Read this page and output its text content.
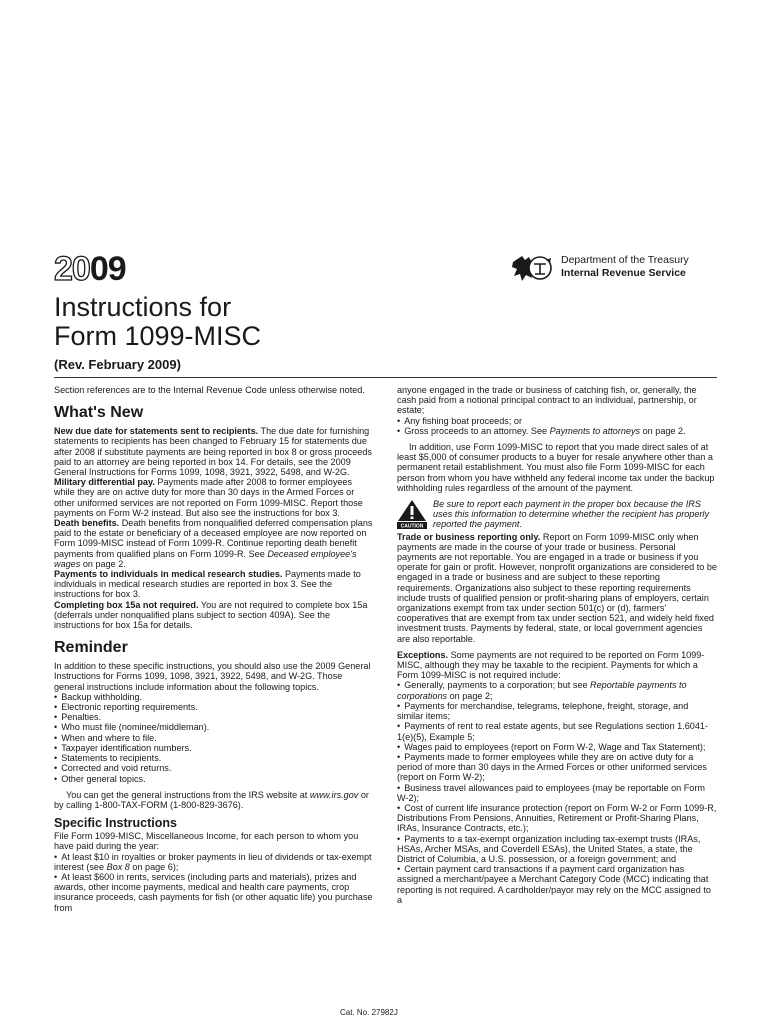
2009	Department of the Treasury
Internal Revenue Service
Instructions for
Form 1099-MISC
(Rev. February 2009)

Section references are to the Internal Revenue Code unless otherwise noted.

What's New

New due date for statements sent to recipients. The due date for furnishing statements to recipients has been changed to February 15 for statements due after 2008 if substitute payments are being reported in box 8 or gross proceeds paid to an attorney are being reported in box 14. For details, see the 2009 General Instructions for Forms 1099, 1098, 3921, 3922, 5498, and W-2G.

Military differential pay. Payments made after 2008 to former employees while they are on active duty for more than 30 days in the Armed Forces or other uniformed services are not reported on Form 1099-MISC. Report those payments on Form W-2 instead. But also see the instructions for box 3.

Death benefits. Death benefits from nonqualified deferred compensation plans paid to the estate or beneficiary of a deceased employee are now reported on Form 1099-MISC instead of Form 1099-R. Continue reporting death benefit payments from qualified plans on Form 1099-R. See Deceased employee's wages on page 2.

Payments to individuals in medical research studies. Payments made to individuals in medical research studies are reported in box 3. See the instructions for box 3.

Completing box 15a not required. You are not required to complete box 15a (deferrals under nonqualified plans subject to section 409A). See the instructions for box 15a for details.

Reminder

In addition to these specific instructions, you should also use the 2009 General Instructions for Forms 1099, 1098, 3921, 3922, 5498, and W-2G. Those general instructions include information about the following topics.

• Backup withholding.

• Electronic reporting requirements.

• Penalties.

• Who must file (nominee/middleman).

• When and where to file.

• Taxpayer identification numbers.

• Statements to recipients.

• Corrected and void returns.

• Other general topics.

You can get the general instructions from the IRS website at www.irs.gov or by calling 1-800-TAX-FORM (1-800-829-3676).

Specific Instructions

File Form 1099-MISC, Miscellaneous Income, for each person to whom you have paid during the year:

• At least $10 in royalties or broker payments in lieu of dividends or tax-exempt interest (see Box 8 on page 6);

• At least $600 in rents, services (including parts and materials), prizes and awards, other income payments, medical and health care payments, crop insurance proceeds, cash payments for fish (or other aquatic life) you purchase from

anyone engaged in the trade or business of catching fish, or, generally, the cash paid from a notional principal contract to an individual, partnership, or estate;

• Any fishing boat proceeds; or

• Gross proceeds to an attorney. See Payments to attorneys on page 2.

In addition, use Form 1099-MISC to report that you made direct sales of at least $5,000 of consumer products to a buyer for resale anywhere other than a permanent retail establishment. You must also file Form 1099-MISC for each person from whom you have withheld any federal income tax under the backup withholding rules regardless of the amount of the payment.

CAUTION
Be sure to report each payment in the proper box because the IRS uses this information to determine whether the recipient has properly reported the payment.

Trade or business reporting only. Report on Form 1099-MISC only when payments are made in the course of your trade or business. Personal payments are not reportable. You are engaged in a trade or business if you operate for gain or profit. However, nonprofit organizations are considered to be engaged in a trade or business and are subject to these reporting requirements. Organizations also subject to these reporting requirements include trusts of qualified pension or profit-sharing plans of employers, certain organizations exempt from tax under section 501(c) or (d), farmers' cooperatives that are exempt from tax under section 521, and widely held fixed investment trusts. Payments by federal, state, or local government agencies are also reportable.

Exceptions. Some payments are not required to be reported on Form 1099-MISC, although they may be taxable to the recipient. Payments for which a Form 1099-MISC is not required include:

• Generally, payments to a corporation; but see Reportable payments to corporations on page 2;

• Payments for merchandise, telegrams, telephone, freight, storage, and similar items;

• Payments of rent to real estate agents, but see Regulations section 1.6041-1(e)(5), Example 5;

• Wages paid to employees (report on Form W-2, Wage and Tax Statement);

• Payments made to former employees while they are on active duty for a period of more than 30 days in the Armed Forces or other uniformed services (report on Form W-2);

• Business travel allowances paid to employees (may be reportable on Form W-2);

• Cost of current life insurance protection (report on Form W-2 or Form 1099-R, Distributions From Pensions, Annuities, Retirement or Profit-Sharing Plans, IRAs, Insurance Contracts, etc.);

• Payments to a tax-exempt organization including tax-exempt trusts (IRAs, HSAs, Archer MSAs, and Coverdell ESAs), the United States, a state, the District of Columbia, a U.S. possession, or a foreign government; and

• Certain payment card transactions if a payment card organization has assigned a merchant/payee a Merchant Category Code (MCC) indicating that reporting is not required. A cardholder/payor may rely on the MCC assigned to a

Cat. No. 27982J
